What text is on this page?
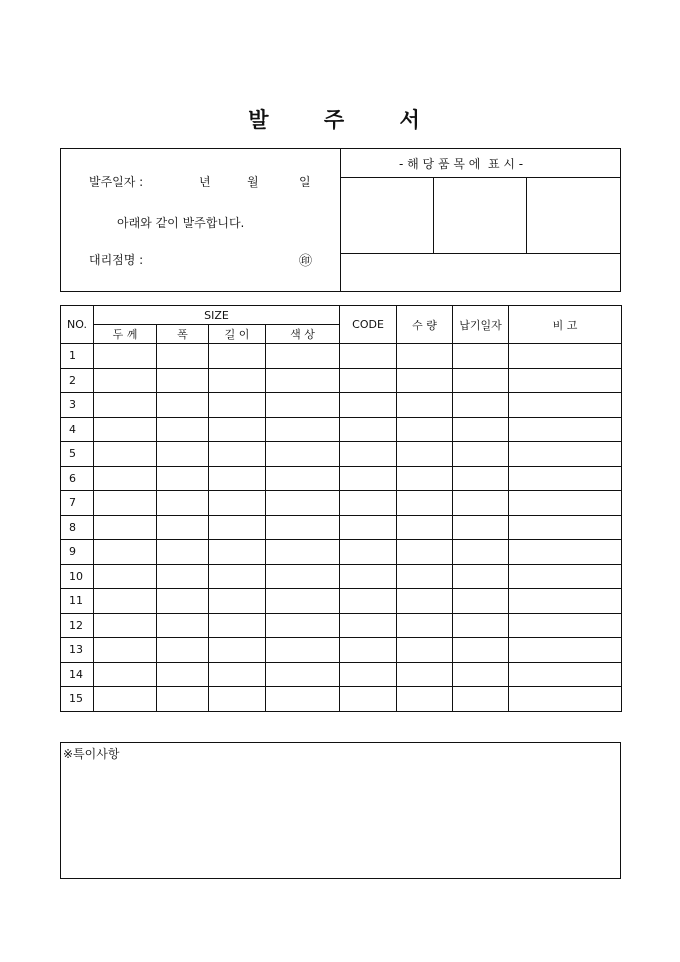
발 주 서
발주일자 :	년	월	일
아래와 같이 발주합니다.
대리점명 :	㊞
- 해 당 품 목 에  표 시 -
NO.	SIZE				CODE	수 량	납기일자	비 고
	두 께	폭	길 이	색 상				
1								
2								
3								
4								
5								
6								
7								
8								
9								
10								
11								
12								
13								
14								
15								
※특이사항
